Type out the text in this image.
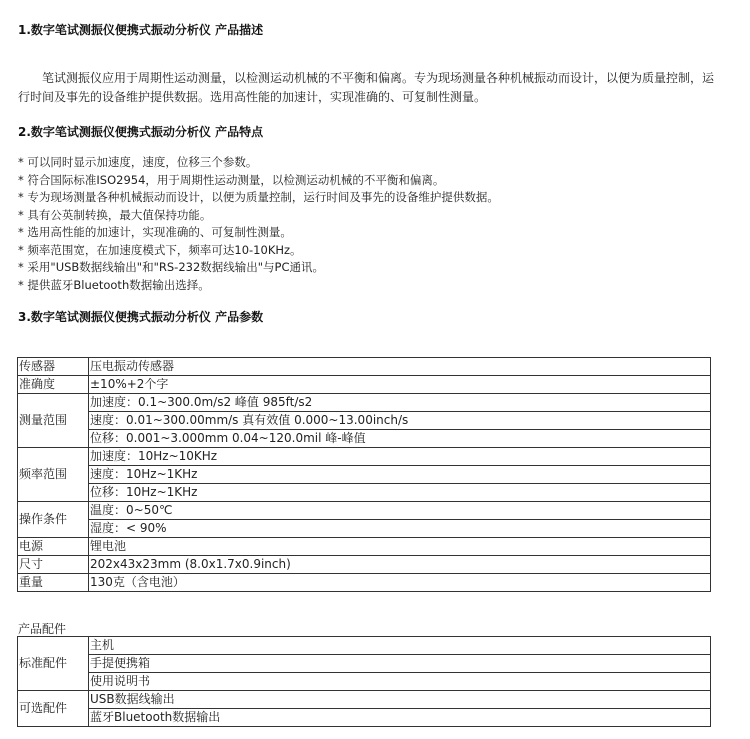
1.数字笔试测振仪便携式振动分析仪 产品描述
笔试测振仪应用于周期性运动测量，以检测运动机械的不平衡和偏离。专为现场测量各种机械振动而设计，以便为质量控制，运行时间及事先的设备维护提供数据。选用高性能的加速计，实现准确的、可复制性测量。
2.数字笔试测振仪便携式振动分析仪 产品特点
* 可以同时显示加速度，速度，位移三个参数。
* 符合国际标准ISO2954，用于周期性运动测量，以检测运动机械的不平衡和偏离。
* 专为现场测量各种机械振动而设计，以便为质量控制，运行时间及事先的设备维护提供数据。
* 具有公英制转换，最大值保持功能。
* 选用高性能的加速计，实现准确的、可复制性测量。
* 频率范围宽，在加速度模式下，频率可达10-10KHz。
* 采用"USB数据线输出"和"RS-232数据线输出"与PC通讯。
* 提供蓝牙Bluetooth数据输出选择。
3.数字笔试测振仪便携式振动分析仪 产品参数
传感器	压电振动传感器
准确度	±10%+2个字
测量范围	加速度：0.1~300.0m/s2 峰值 985ft/s2
	速度：0.01~300.00mm/s 真有效值 0.000~13.00inch/s
	位移：0.001~3.000mm 0.04~120.0mil 峰-峰值
频率范围	加速度：10Hz~10KHz
	速度：10Hz~1KHz
	位移：10Hz~1KHz
操作条件	温度：0~50℃
	湿度：< 90%
电源	锂电池
尺寸	202x43x23mm (8.0x1.7x0.9inch)
重量	130克（含电池）
产品配件
标准配件	主机
	手提便携箱
	使用说明书
可选配件	USB数据线输出
	蓝牙Bluetooth数据输出
